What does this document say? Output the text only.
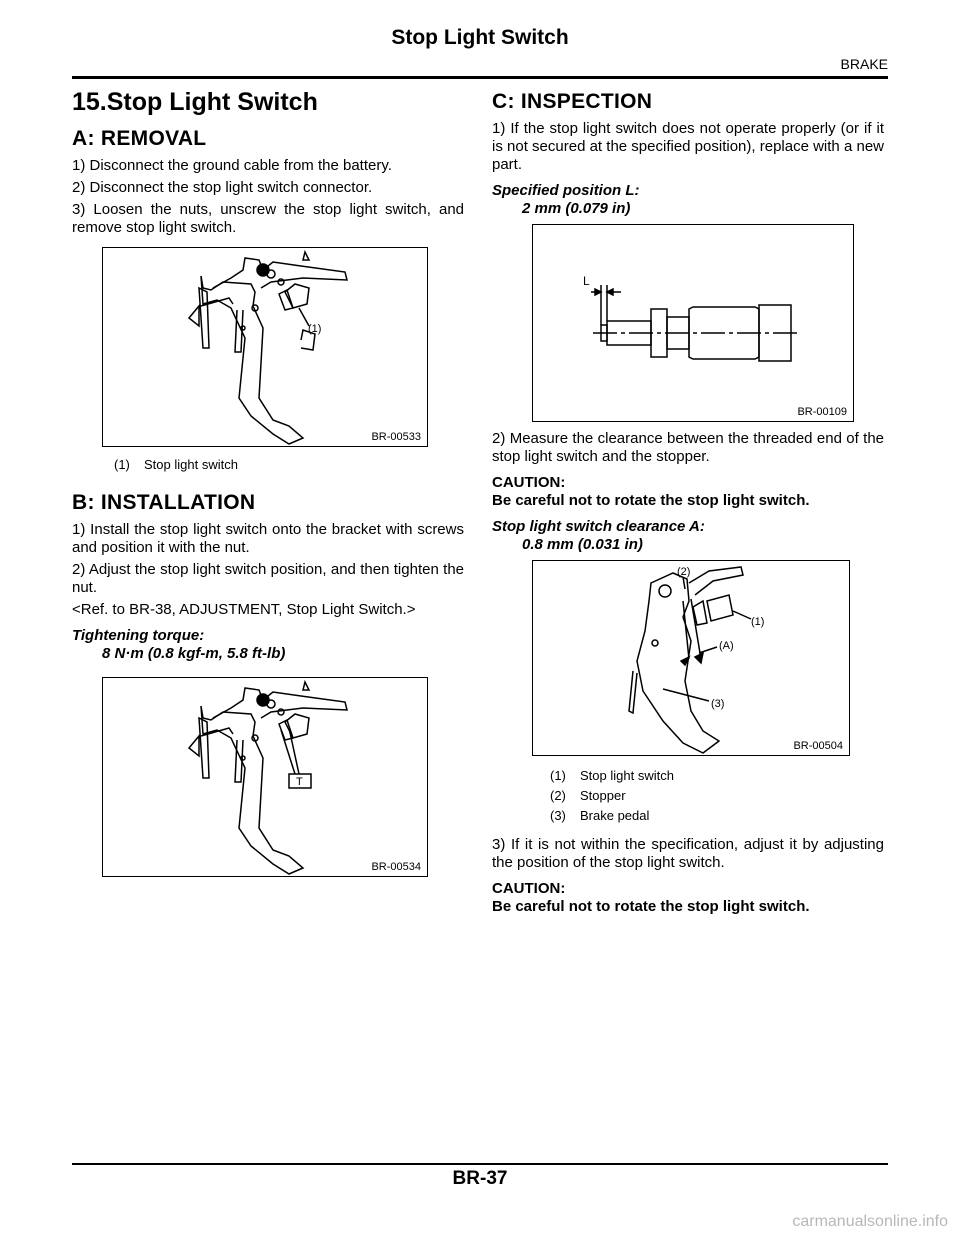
Stop Light Switch
BRAKE
15.Stop Light Switch
A: REMOVAL

1) Disconnect the ground cable from the battery.

2) Disconnect the stop light switch connector.

3) Loosen the nuts, unscrew the stop light switch, and remove stop light switch.

(1)
BR-00533

(1) Stop light switch

B: INSTALLATION

1) Install the stop light switch onto the bracket with screws and position it with the nut.

2) Adjust the stop light switch position, and then tighten the nut.

<Ref. to BR-38, ADJUSTMENT, Stop Light Switch.>

Tightening torque:
8 N·m (0.8 kgf-m, 5.8 ft-lb)
T
BR-00534
C: INSPECTION

1) If the stop light switch does not operate properly (or if it is not secured at the specified position), replace with a new part.

Specified position L:
2 mm (0.079 in)
L
BR-00109

2) Measure the clearance between the threaded end of the stop light switch and the stopper.

CAUTION:
Be careful not to rotate the stop light switch.
Stop light switch clearance A:
0.8 mm (0.031 in)
(2)
(1)
(A)
(3)
BR-00504

(1) Stop light switch

(2) Stopper

(3) Brake pedal

3) If it is not within the specification, adjust it by adjusting the position of the stop light switch.

CAUTION:
Be careful not to rotate the stop light switch.
BR-37
carmanualsonline.info
